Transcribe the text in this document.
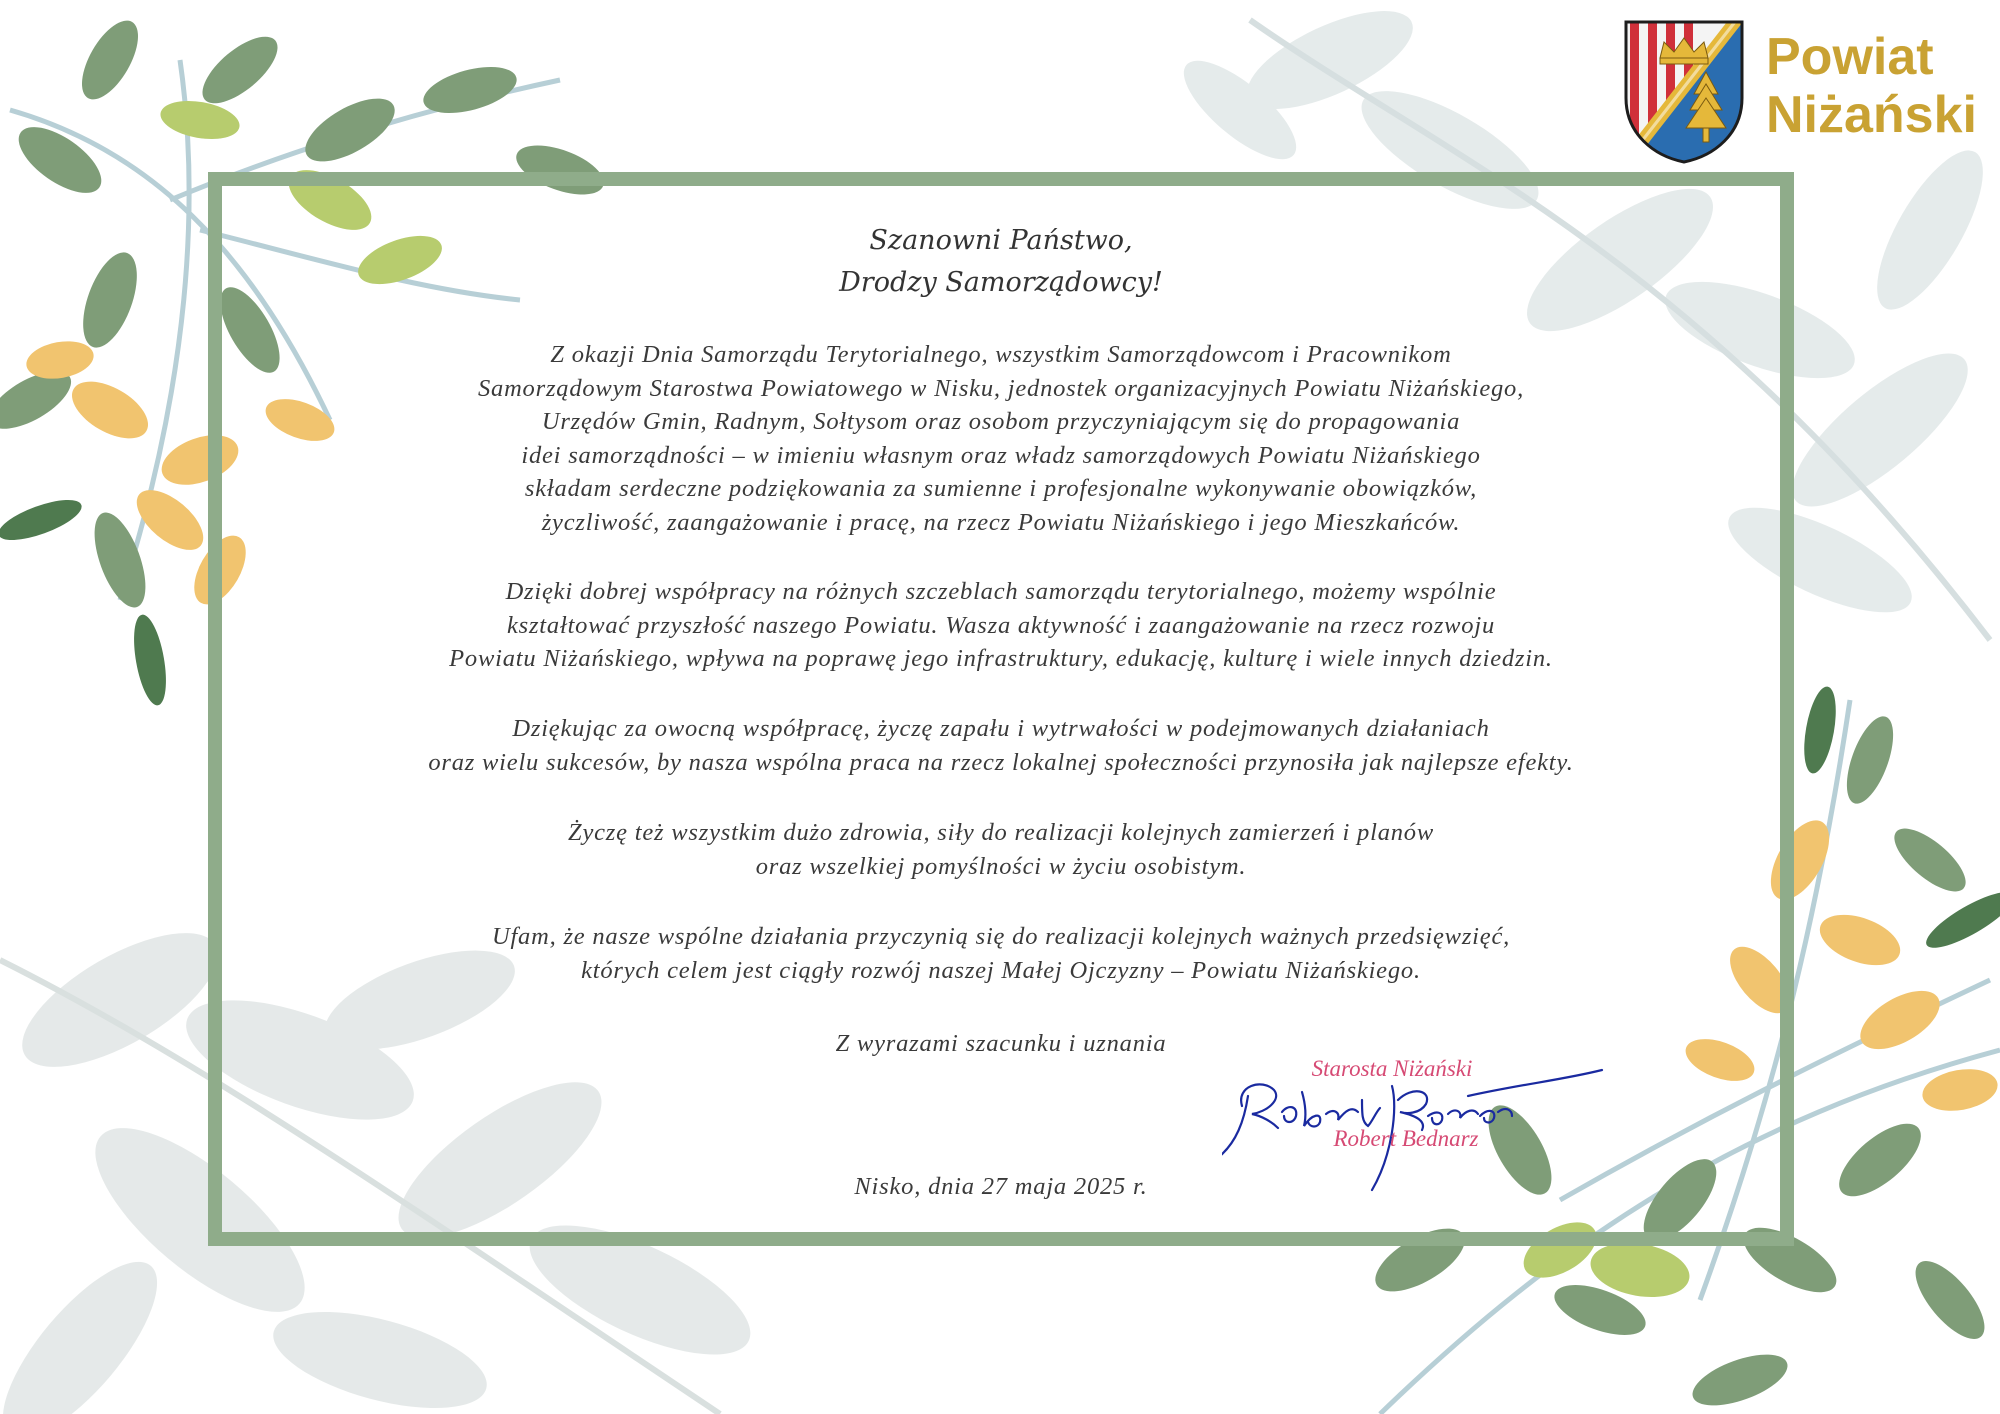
Powiat
Niżański

Szanowni Państwo,
Drodzy Samorządowcy!

Z okazji Dnia Samorządu Terytorialnego, wszystkim Samorządowcom i Pracownikom
Samorządowym Starostwa Powiatowego w Nisku, jednostek organizacyjnych Powiatu Niżańskiego,
Urzędów Gmin, Radnym, Sołtysom oraz osobom przyczyniającym się do propagowania
idei samorządności – w imieniu własnym oraz władz samorządowych Powiatu Niżańskiego
składam serdeczne podziękowania za sumienne i profesjonalne wykonywanie obowiązków,
życzliwość, zaangażowanie i pracę, na rzecz Powiatu Niżańskiego i jego Mieszkańców.

Dzięki dobrej współpracy na różnych szczeblach samorządu terytorialnego, możemy wspólnie
kształtować przyszłość naszego Powiatu. Wasza aktywność i zaangażowanie na rzecz rozwoju
Powiatu Niżańskiego, wpływa na poprawę jego infrastruktury, edukację, kulturę i wiele innych dziedzin.

Dziękując za owocną współpracę, życzę zapału i wytrwałości w podejmowanych działaniach
oraz wielu sukcesów, by nasza wspólna praca na rzecz lokalnej społeczności przynosiła jak najlepsze efekty.

Życzę też wszystkim dużo zdrowia, siły do realizacji kolejnych zamierzeń i planów
oraz wszelkiej pomyślności w życiu osobistym.

Ufam, że nasze wspólne działania przyczynią się do realizacji kolejnych ważnych przedsięwzięć,
których celem jest ciągły rozwój naszej Małej Ojczyzny – Powiatu Niżańskiego.

Z wyrazami szacunku i uznania

Starosta Niżański
Robert Bednarz

Nisko, dnia 27 maja 2025 r.
